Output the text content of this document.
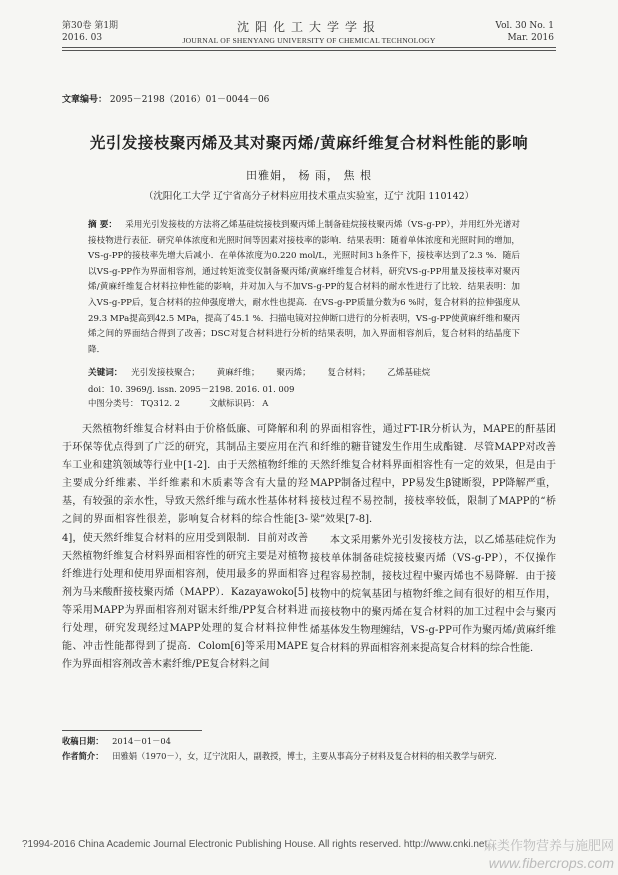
第30卷 第1期
2016. 03
沈阳化工大学学报
JOURNAL OF SHENYANG UNIVERSITY OF CHEMICAL TECHNOLOGY
Vol. 30 No. 1
Mar. 2016
文章编号： 2095－2198（2016）01－0044－06
光引发接枝聚丙烯及其对聚丙烯/黄麻纤维复合材料性能的影响
田雅娟， 杨 雨， 焦 根
（沈阳化工大学 辽宁省高分子材料应用技术重点实验室，辽宁 沈阳 110142）
摘 要： 采用光引发接枝的方法将乙烯基硅烷接枝到聚丙烯上制备硅烷接枝聚丙烯（VS-g-PP），并用红外光谱对接枝物进行表征．研究单体浓度和光照时间等因素对接枝率的影响．结果表明：随着单体浓度和光照时间的增加，VS-g-PP的接枝率先增大后减小．在单体浓度为0.220 mol/L，光照时间3 h条件下，接枝率达到了2.3 %．随后以VS-g-PP作为界面相容剂，通过转矩流变仪制备聚丙烯/黄麻纤维复合材料，研究VS-g-PP用量及接枝率对聚丙烯/黄麻纤维复合材料拉伸性能的影响，并对加入与不加VS-g-PP的复合材料的耐水性进行了比较．结果表明：加入VS-g-PP后，复合材料的拉伸强度增大，耐水性也提高．在VS-g-PP质量分数为6 %时，复合材料的拉伸强度从29.3 MPa提高到42.5 MPa，提高了45.1 %．扫描电镜对拉伸断口进行的分析表明，VS-g-PP使黄麻纤维和聚丙烯之间的界面结合得到了改善；DSC对复合材料进行分析的结果表明，加入界面相容剂后，复合材料的结晶度下降．
关键词： 光引发接枝聚合； 黄麻纤维； 聚丙烯； 复合材料； 乙烯基硅烷
doi：10. 3969/j. issn. 2095－2198. 2016. 01. 009
中图分类号： TQ312. 2	文献标识码： A

天然植物纤维复合材料由于价格低廉、可降解和利于环保等优点得到了广泛的研究，其制品主要应用在汽车工业和建筑领域等行业中[1-2]．由于天然植物纤维的主要成分纤维素、半纤维素和木质素等含有大量的羟基，有较强的亲水性，导致天然纤维与疏水性基体材料之间的界面相容性很差，影响复合材料的综合性能[3-4]，使天然纤维复合材料的应用受到限制．目前对改善天然植物纤维复合材料界面相容性的研究主要是对植物纤维进行处理和使用界面相容剂，使用最多的界面相容剂为马来酸酐接枝聚丙烯（MAPP）．Kazayawoko[5]等采用MAPP为界面相容剂对锯末纤维/PP复合材料进行处理，研究发现经过MAPP处理的复合材料拉伸性能、冲击性能都得到了提高．Colom[6]等采用MAPE作为界面相容剂改善木素纤维/PE复合材料之间

的界面相容性，通过FT-IR分析认为，MAPE的酐基团和纤维的糖苷键发生作用生成酯键．尽管MAPP对改善天然纤维复合材料界面相容性有一定的效果，但是由于MAPP制备过程中，PP易发生β键断裂，PP降解严重，接枝过程不易控制，接枝率较低，限制了MAPP的“桥梁”效果[7-8]．

本文采用紫外光引发接枝方法，以乙烯基硅烷作为接枝单体制备硅烷接枝聚丙烯（VS-g-PP），不仅操作过程容易控制，接枝过程中聚丙烯也不易降解．由于接枝物中的烷氧基团与植物纤维之间有很好的相互作用，而接枝物中的聚丙烯在复合材料的加工过程中会与聚丙烯基体发生物理缠结，VS-g-PP可作为聚丙烯/黄麻纤维复合材料的界面相容剂来提高复合材料的综合性能．

收稿日期： 2014－01－04
作者简介： 田雅娟（1970－），女，辽宁沈阳人，副教授，博士，主要从事高分子材料及复合材料的相关教学与研究．
?1994-2016 China Academic Journal Electronic Publishing House. All rights reserved. http://www.cnki.net
麻类作物营养与施肥网
www.fibercrops.com
